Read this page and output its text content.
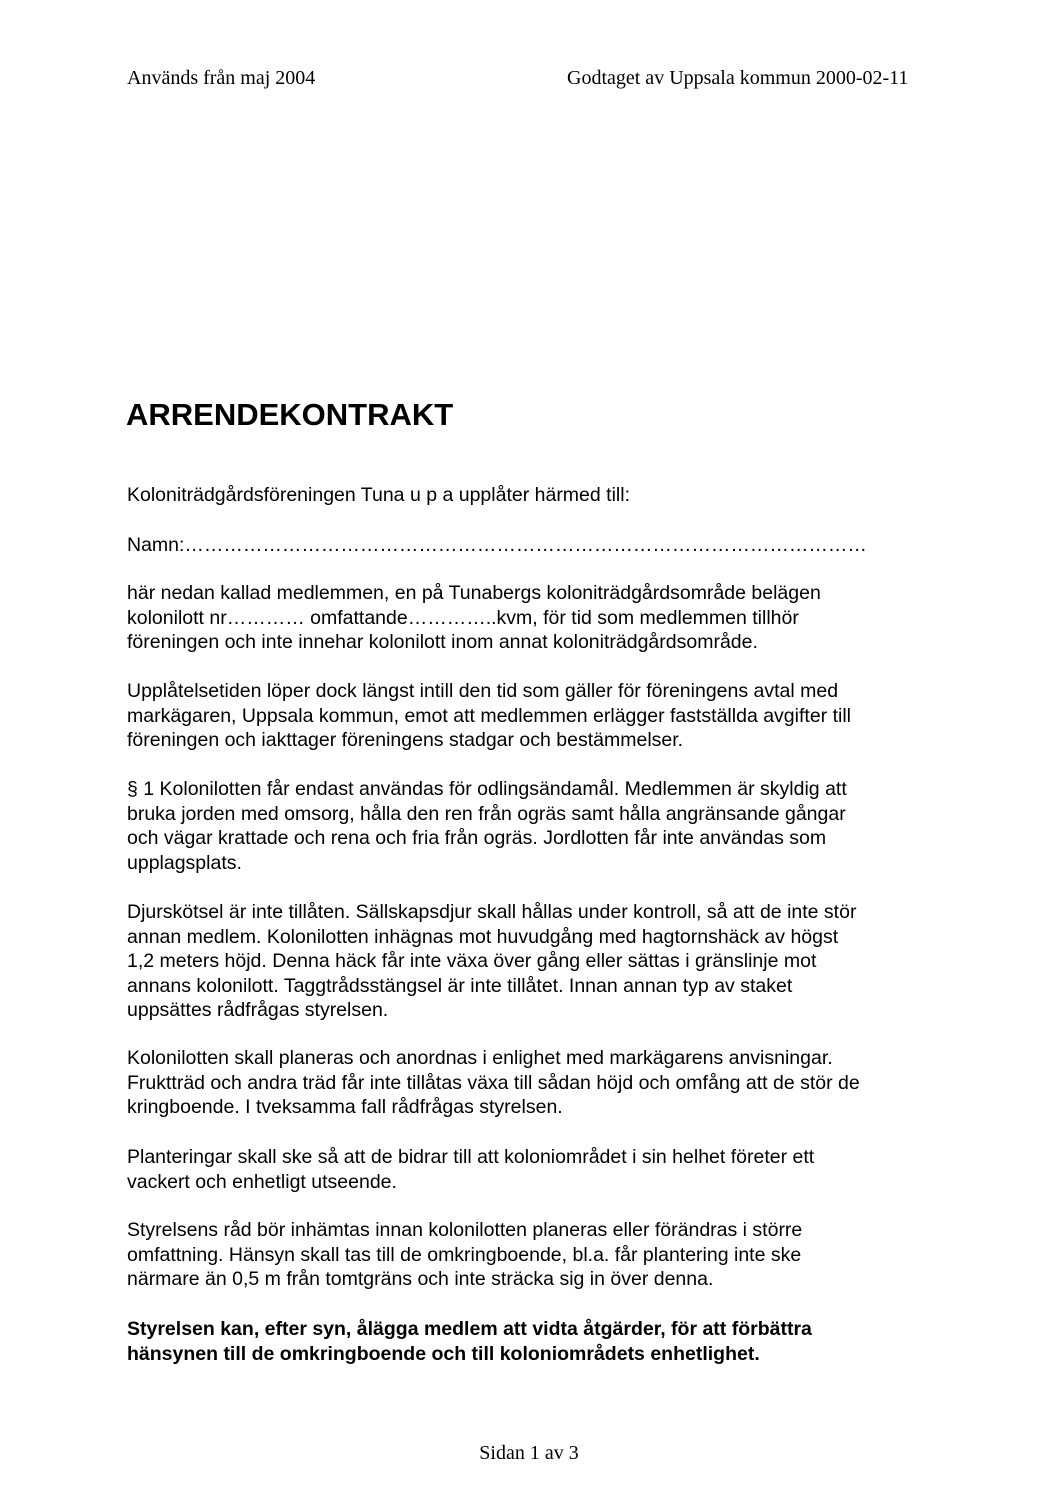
Används från maj 2004	Godtaget av Uppsala kommun 2000-02-11
ARRENDEKONTRAKT

Koloniträdgårdsföreningen Tuna u p a upplåter härmed till:

Namn:……………………………………………………………………………………………

här nedan kallad medlemmen, en på Tunabergs koloniträdgårdsområde belägen
kolonilott nr………… omfattande…………..kvm, för tid som medlemmen tillhör
föreningen och inte innehar kolonilott inom annat koloniträdgårdsområde.

Upplåtelsetiden löper dock längst intill den tid som gäller för föreningens avtal med
markägaren, Uppsala kommun, emot att medlemmen erlägger fastställda avgifter till
föreningen och iakttager föreningens stadgar och bestämmelser.

§ 1 Kolonilotten får endast användas för odlingsändamål. Medlemmen är skyldig att
bruka jorden med omsorg, hålla den ren från ogräs samt hålla angränsande gångar
och vägar krattade och rena och fria från ogräs. Jordlotten får inte användas som
upplagsplats.

Djurskötsel är inte tillåten. Sällskapsdjur skall hållas under kontroll, så att de inte stör
annan medlem. Kolonilotten inhägnas mot huvudgång med hagtornshäck av högst
1,2 meters höjd. Denna häck får inte växa över gång eller sättas i gränslinje mot
annans kolonilott. Taggtrådsstängsel är inte tillåtet. Innan annan typ av staket
uppsättes rådfrågas styrelsen.

Kolonilotten skall planeras och anordnas i enlighet med markägarens anvisningar.
Fruktträd och andra träd får inte tillåtas växa till sådan höjd och omfång att de stör de
kringboende. I tveksamma fall rådfrågas styrelsen.

Planteringar skall ske så att de bidrar till att koloniområdet i sin helhet företer ett
vackert och enhetligt utseende.

Styrelsens råd bör inhämtas innan kolonilotten planeras eller förändras i större
omfattning. Hänsyn skall tas till de omkringboende, bl.a. får plantering inte ske
närmare än 0,5 m från tomtgräns och inte sträcka sig in över denna.

Styrelsen kan, efter syn, ålägga medlem att vidta åtgärder, för att förbättra
hänsynen till de omkringboende och till koloniområdets enhetlighet.

Sidan 1 av 3
